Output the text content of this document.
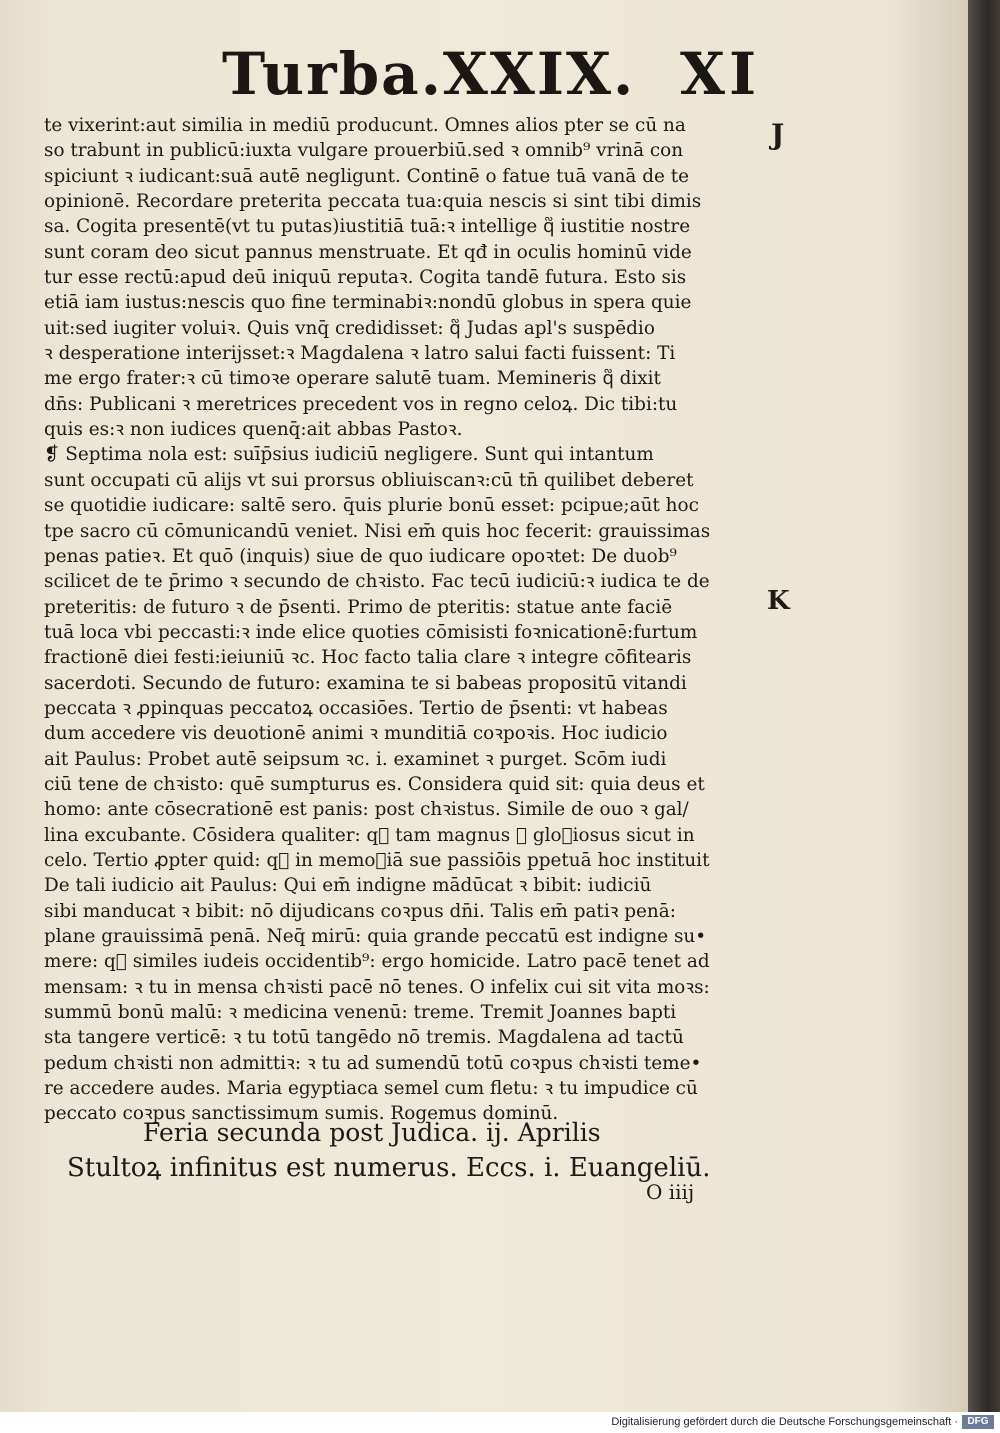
Turba.XXIX. XI
J
K
te vixerint:aut similia in mediū producunt. Omnes alios pter se cū na
so trabunt in publicū:iuxta vulgare prouerbiū.sed ꝛ omnib⁹ vrinā con
spiciunt ꝛ iudicant:suā autē negligunt. Continē o fatue tuā vanā de te
opinionē. Recordare preterita peccata tua:quia nescis si sint tibi dimis
sa. Cogita presentē(vt tu putas)iustitiā tuā:ꝛ intellige q᷑ iustitie nostre
sunt coram deo sicut pannus menstruate. Et qđ in oculis hominū vide
tur esse rectū:apud deū iniquū reputaꝛ. Cogita tandē futura. Esto sis
etiā iam iustus:nescis quo fine terminabiꝛ:nondū globus in spera quie
uit:sed iugiter voluiꝛ. Quis vnq̄ credidisset: q᷑ Judas apl's suspēdio
ꝛ desperatione interijsset:ꝛ Magdalena ꝛ latro salui facti fuissent: Ti
me ergo frater:ꝛ cū timoꝛe operare salutē tuam. Memineris q᷑ dixit
dn̄s: Publicani ꝛ meretrices precedent vos in regno celoꝝ. Dic tibi:tu
quis es:ꝛ non iudices quenq̄:ait abbas Pastoꝛ.
❡ Septima nola est: suīp̄sius iudiciū negligere. Sunt qui intantum
sunt occupati cū alijs vt sui prorsus obliuiscanꝛ:cū tn̄ quilibet deberet
se quotidie iudicare: saltē sero. q̄uis plurie bonū esset: pcipue;aūt hoc
tpe sacro cū cōmunicandū veniet. Nisi em̄ quis hoc fecerit: grauissimas
penas patieꝛ. Et quō (inquis) siue de quo iudicare opoꝛtet: De duob⁹
scilicet de te p̄rimo ꝛ secundo de chꝛisto. Fac tecū iudiciū:ꝛ iudica te de
preteritis: de futuro ꝛ de p̄senti. Primo de pteritis: statue ante faciē
tuā loca vbi peccasti:ꝛ inde elice quoties cōmisisti foꝛnicationē:furtum
fractionē diei festi:ieiuniū ꝛc. Hoc facto talia clare ꝛ integre cōfitearis
sacerdoti. Secundo de futuro: examina te si babeas propositū vitandi
peccata ꝛ ꝓpinquas peccatoꝝ occasiōes. Tertio de p̄senti: vt habeas
dum accedere vis deuotionē animi ꝛ munditiā coꝛpoꝛis. Hoc iudicio
ait Paulus: Probet autē seipsum ꝛc. i. examinet ꝛ purget. Scōm iudi
ciū tene de chꝛisto: quē sumpturus es. Considera quid sit: quia deus et
homo: ante cōsecrationē est panis: post chꝛistus. Simile de ouo ꝛ gal/
lina excubante. Cōsidera qualiter: q᷑ tam magnus ꝛ gloꝛiosus sicut in
celo. Tertio ꝓpter quid: q᷑ in memoꝛiā sue passiōis ppetuā hoc instituit
De tali iudicio ait Paulus: Qui em̄ indigne mādūcat ꝛ bibit: iudiciū
sibi manducat ꝛ bibit: nō dijudicans coꝛpus dn̄i. Talis em̄ patiꝛ penā:
plane grauissimā penā. Neq̄ mirū: quia grande peccatū est indigne su•
mere: q᷑ similes iudeis occidentib⁹: ergo homicide. Latro pacē tenet ad
mensam: ꝛ tu in mensa chꝛisti pacē nō tenes. O infelix cui sit vita moꝛs:
summū bonū malū: ꝛ medicina venenū: treme. Tremit Joannes bapti
sta tangere verticē: ꝛ tu totū tangēdo nō tremis. Magdalena ad tactū
pedum chꝛisti non admittiꝛ: ꝛ tu ad sumendū totū coꝛpus chꝛisti teme•
re accedere audes. Maria egyptiaca semel cum fletu: ꝛ tu impudice cū
peccato coꝛpus sanctissimum sumis. Rogemus dominū.
Feria secunda post Judica. ij. Aprilis
Stultoꝝ infinitus est numerus. Eccs. i. Euangeliū.
O iiij
Digitalisierung gefördert durch die Deutsche Forschungsgemeinschaft · DFG
